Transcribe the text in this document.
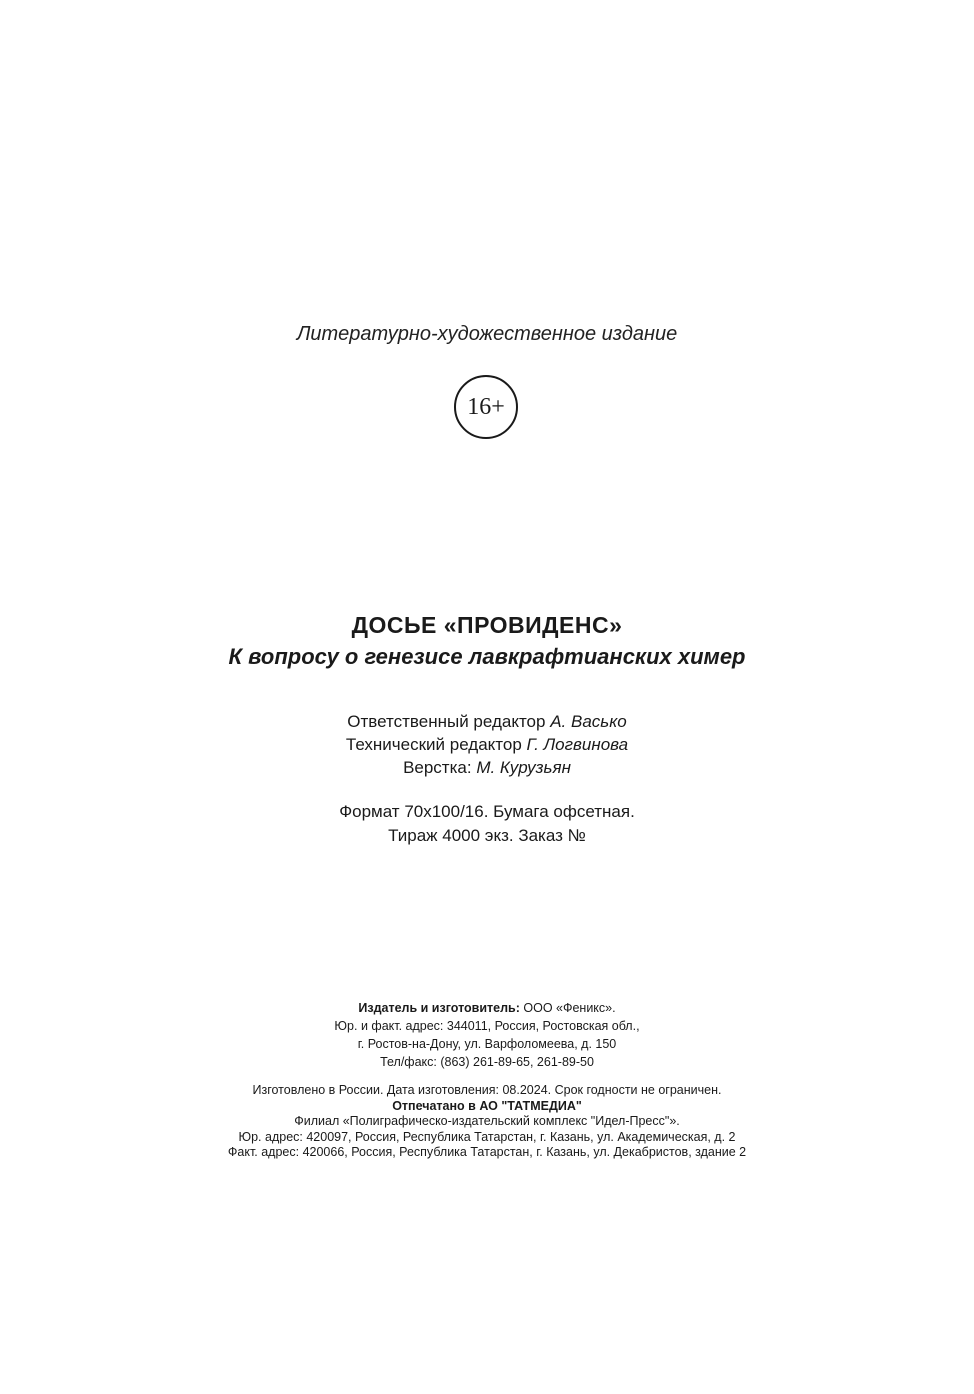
Литературно-художественное издание
16+
ДОСЬЕ «ПРОВИДЕНС»
К вопросу о генезисе лавкрафтианских химер
Ответственный редактор А. Васько
Технический редактор Г. Логвинова
Верстка: М. Курузьян
Формат 70х100/16. Бумага офсетная.
Тираж 4000 экз. Заказ №
Издатель и изготовитель: ООО «Феникс».
Юр. и факт. адрес: 344011, Россия, Ростовская обл.,
г. Ростов-на-Дону, ул. Варфоломеева, д. 150
Тел/факс: (863) 261-89-65, 261-89-50
Изготовлено в России. Дата изготовления: 08.2024. Срок годности не ограничен.
Отпечатано в АО "ТАТМЕДИА"
Филиал «Полиграфическо-издательский комплекс "Идел-Пресс"».
Юр. адрес: 420097, Россия, Республика Татарстан, г. Казань, ул. Академическая, д. 2
Факт. адрес: 420066, Россия, Республика Татарстан, г. Казань, ул. Декабристов, здание 2
